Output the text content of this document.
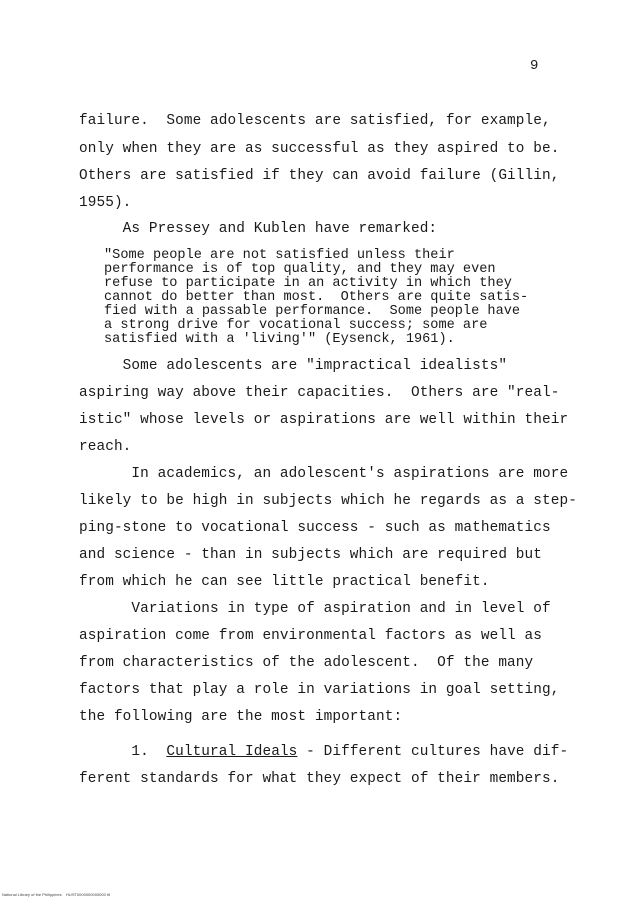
9
failure.  Some adolescents are satisfied, for example,
only when they are as successful as they aspired to be.
Others are satisfied if they can avoid failure (Gillin,
1955).
As Pressey and Kublen have remarked:
"Some people are not satisfied unless their
performance is of top quality, and they may even
refuse to participate in an activity in which they
cannot do better than most.  Others are quite satis-
fied with a passable performance.  Some people have
a strong drive for vocational success; some are
satisfied with a 'living'" (Eysenck, 1961).
Some adolescents are "impractical idealists"
aspiring way above their capacities.  Others are "real-
istic" whose levels or aspirations are well within their
reach.
In academics, an adolescent's aspirations are more
likely to be high in subjects which he regards as a step-
ping-stone to vocational success - such as mathematics
and science - than in subjects which are required but
from which he can see little practical benefit.
Variations in type of aspiration and in level of
aspiration come from environmental factors as well as
from characteristics of the adolescent.  Of the many
factors that play a role in variations in goal setting,
the following are the most important:
1.  Cultural Ideals - Different cultures have dif-
ferent standards for what they expect of their members.
National Library of the Philippines    HUST0000000000000 tif
